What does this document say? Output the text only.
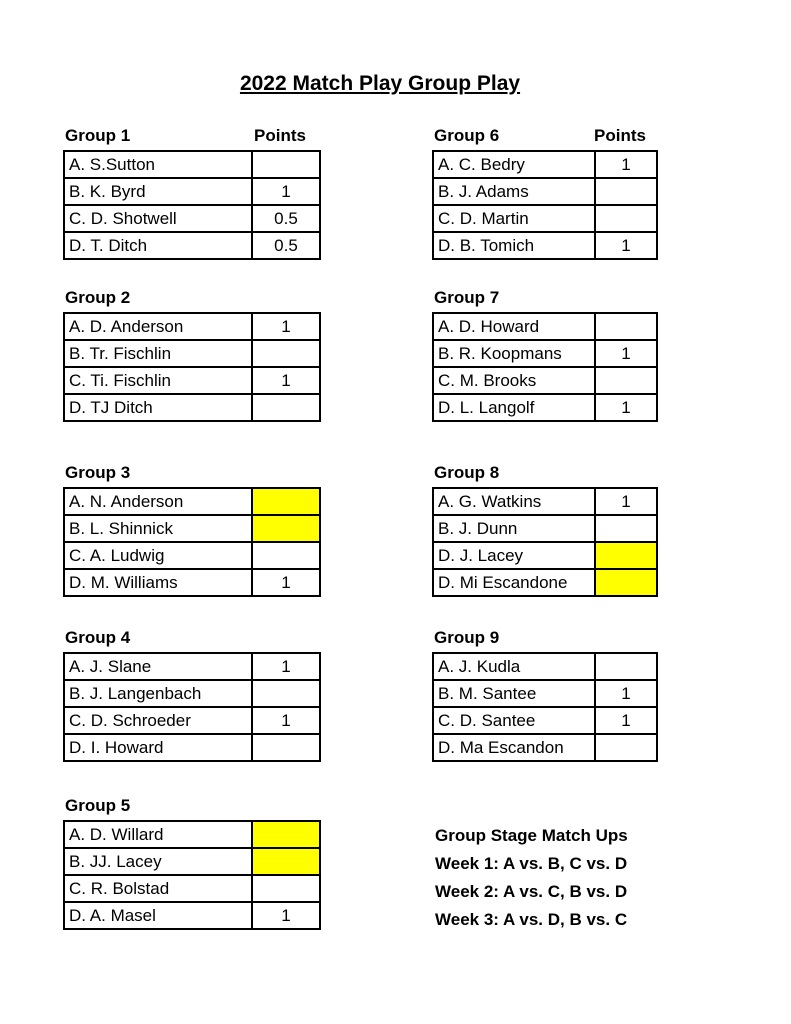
2022 Match Play Group Play
Group 1	Points
A. S.Sutton	
B. K. Byrd	1
C. D. Shotwell	0.5
D. T. Ditch	0.5
Group 2
A. D. Anderson	1
B. Tr. Fischlin	
C. Ti. Fischlin	1
D. TJ Ditch	
Group 3
A. N. Anderson	
B. L. Shinnick	
C. A. Ludwig	
D. M. Williams	1
Group 4
A. J. Slane	1
B. J. Langenbach	
C. D. Schroeder	1
D. I. Howard	
Group 5
A. D. Willard	
B. JJ. Lacey	
C. R. Bolstad	
D. A. Masel	1
Group 6	Points
A. C. Bedry	1
B. J. Adams	
C. D. Martin	
D. B. Tomich	1
Group 7
A. D. Howard	
B. R. Koopmans	1
C. M. Brooks	
D. L. Langolf	1
Group 8
A. G. Watkins	1
B. J. Dunn	
D. J. Lacey	
D. Mi Escandone	
Group 9
A. J. Kudla	
B. M. Santee	1
C. D. Santee	1
D. Ma Escandon	
Group Stage Match Ups
Week 1: A vs. B, C vs. D
Week 2: A vs. C, B vs. D
Week 3: A vs. D, B vs. C
